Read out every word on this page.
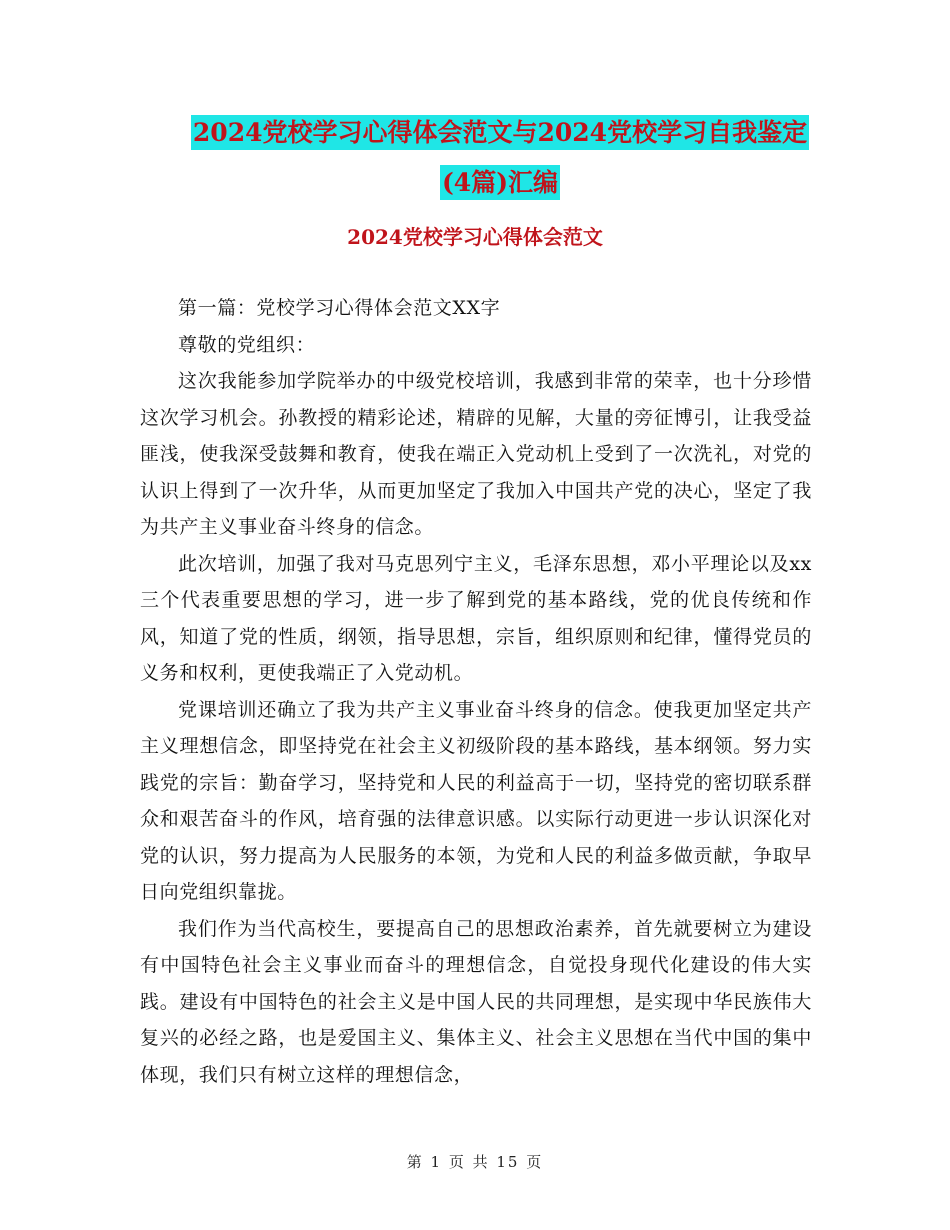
2024党校学习心得体会范文与2024党校学习自我鉴定
(4篇)汇编
2024党校学习心得体会范文

第一篇：党校学习心得体会范文XX字

尊敬的党组织：

这次我能参加学院举办的中级党校培训，我感到非常的荣幸，也十分珍惜这次学习机会。孙教授的精彩论述，精辟的见解，大量的旁征博引，让我受益匪浅，使我深受鼓舞和教育，使我在端正入党动机上受到了一次洗礼，对党的认识上得到了一次升华，从而更加坚定了我加入中国共产党的决心，坚定了我为共产主义事业奋斗终身的信念。

此次培训，加强了我对马克思列宁主义，毛泽东思想，邓小平理论以及xx三个代表重要思想的学习，进一步了解到党的基本路线，党的优良传统和作风，知道了党的性质，纲领，指导思想，宗旨，组织原则和纪律，懂得党员的义务和权利，更使我端正了入党动机。

党课培训还确立了我为共产主义事业奋斗终身的信念。使我更加坚定共产主义理想信念，即坚持党在社会主义初级阶段的基本路线，基本纲领。努力实践党的宗旨：勤奋学习，坚持党和人民的利益高于一切，坚持党的密切联系群众和艰苦奋斗的作风，培育强的法律意识感。以实际行动更进一步认识深化对党的认识，努力提高为人民服务的本领，为党和人民的利益多做贡献，争取早日向党组织靠拢。

我们作为当代高校生，要提高自己的思想政治素养，首先就要树立为建设有中国特色社会主义事业而奋斗的理想信念，自觉投身现代化建设的伟大实践。建设有中国特色的社会主义是中国人民的共同理想，是实现中华民族伟大复兴的必经之路，也是爱国主义、集体主义、社会主义思想在当代中国的集中体现，我们只有树立这样的理想信念，

第 1 页 共 15 页
